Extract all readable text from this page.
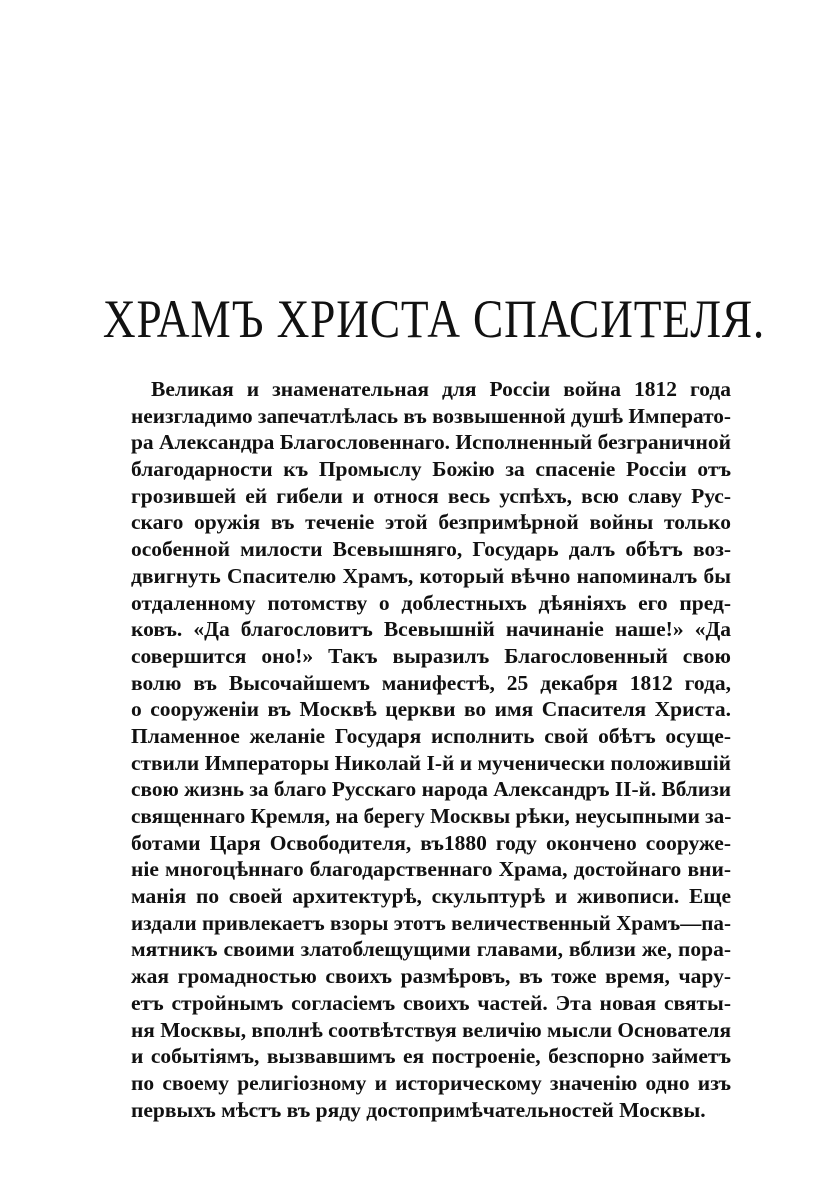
ХРАМЪ ХРИСТА СПАСИТЕЛЯ.
Великая и знаменательная для Россіи война 1812 года
неизгладимо запечатлѣлась въ возвышенной душѣ Императо-
ра Александра Благословеннаго. Исполненный безграничной
благодарности къ Промыслу Божію за спасеніе Россіи отъ
грозившей ей гибели и относя весь успѣхъ, всю славу Рус-
скаго оружія въ теченіе этой безпримѣрной войны только
особенной милости Всевышняго, Государь далъ обѣтъ воз-
двигнуть Спасителю Храмъ, который вѣчно напоминалъ бы
отдаленному потомству о доблестныхъ дѣяніяхъ его пред-
ковъ. «Да благословитъ Всевышній начинаніе наше!» «Да
совершится оно!» Такъ выразилъ Благословенный свою
волю въ Высочайшемъ манифестѣ, 25 декабря 1812 года,
о сооруженіи въ Москвѣ церкви во имя Спасителя Христа.
Пламенное желаніе Государя исполнить свой обѣтъ осуще-
ствили Императоры Николай I-й и мученически положившій
свою жизнь за благо Русскаго народа Александръ II-й. Вблизи
священнаго Кремля, на берегу Москвы рѣки, неусыпными за-
ботами Царя Освободителя, въ1880 году окончено сооруже-
ніе многоцѣннаго благодарственнаго Храма, достойнаго вни-
манія по своей архитектурѣ, скульптурѣ и живописи. Еще
издали привлекаетъ взоры этотъ величественный Храмъ—па-
мятникъ своими златоблещущими главами, вблизи же, пора-
жая громадностью своихъ размѣровъ, въ тоже время, чару-
етъ стройнымъ согласіемъ своихъ частей. Эта новая святы-
ня Москвы, вполнѣ соотвѣтствуя величію мысли Основателя
и событіямъ, вызвавшимъ ея построеніе, безспорно займетъ
по своему религіозному и историческому значенію одно изъ
первыхъ мѣстъ въ ряду достопримѣчательностей Москвы.
